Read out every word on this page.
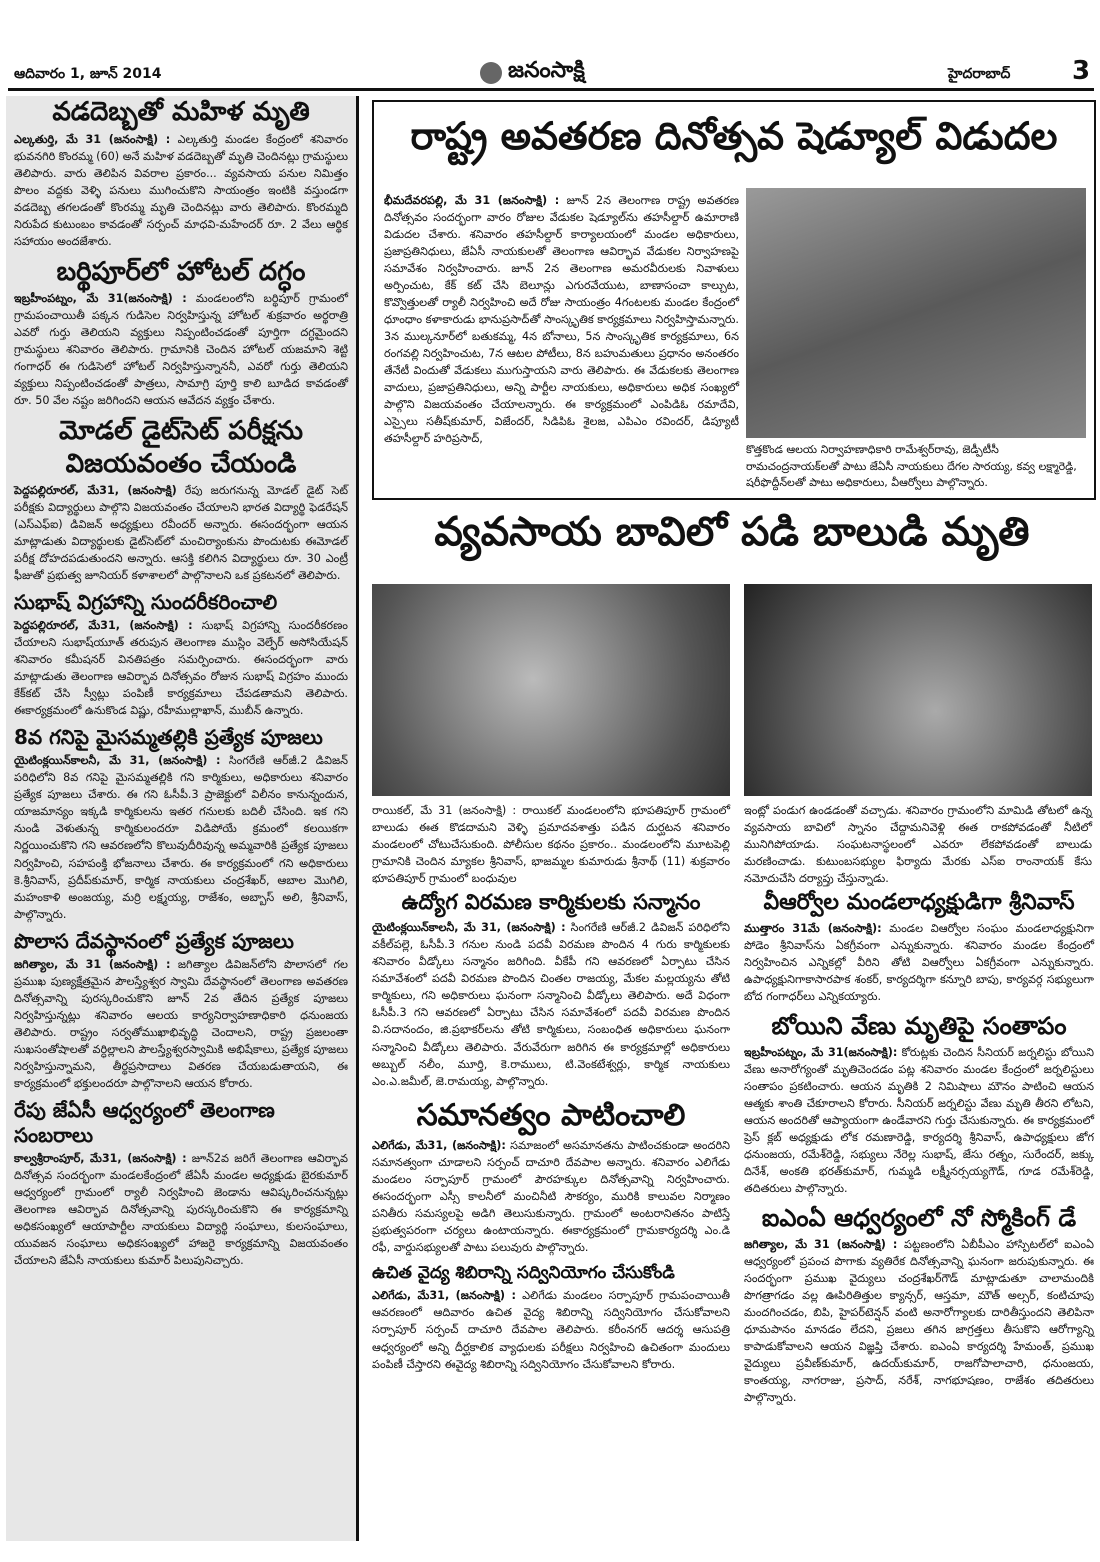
ఆదివారం 1, జూన్ 2014	జనంసాక్షి	హైదరాబాద్ 3
వడదెబ్బతో మహిళ మృతి

ఎల్కతుర్తి, మే 31 (జనంసాక్షి) : ఎల్కతుర్తి మండల కేంద్రంలో శనివారం భువనగిరి కొంరమ్మ (60) అనే మహిళ వడదెబ్బతో మృతి చెందినట్లు గ్రామస్థులు తెలిపారు. వారు తెలిపిన వివరాల ప్రకారం... వ్యవసాయ పనుల నిమిత్తం పొలం వద్దకు వెళ్ళి పనులు ముగించుకొని సాయంత్రం ఇంటికి వస్తుండగా వడదెబ్బ తగలడంతో కొంరమ్మ మృతి చెందినట్లు వారు తెలిపారు. కొంరమ్మది నిరుపేద కుటుంబం కావడంతో సర్పంచ్ మాధవి-మహేందర్ రూ. 2 వేలు ఆర్థిక సహాయం అందజేశారు.

బర్థిపూర్‌లో హోటల్ దగ్ధం

ఇబ్రహీంపట్నం, మే 31(జనంసాక్షి) : మండలంలోని బర్థిపూర్ గ్రామంలో గ్రామపంచాయితీ పక్కన గుడిసెల నిర్వహిస్తున్న హోటల్ శుక్రవారం అర్థరాత్రి ఎవరో గుర్తు తెలియని వ్యక్తులు నిప్పంటించడంతో పూర్తిగా దగ్ధమైందని గ్రామస్థులు శనివారం తెలిపారు. గ్రామానికి చెందిన హోటల్ యజమాని శెట్టి గంగాధర్ ఈ గుడిసెలో హోటల్ నిర్వహిస్తున్నాననీ, ఎవరో గుర్తు తెలియని వ్యక్తులు నిప్పంటించడంతో పాత్రలు, సామాగ్రి పూర్తి కాలి బూడిద కావడంతో రూ. 50 వేల నష్టం జరిగిందని ఆయన ఆవేదన వ్యక్తం చేశారు.

మోడల్ డైట్‌సెట్ పరీక్షను విజయవంతం చేయండి

పెద్దపల్లిరూరల్, మే31, (జనంసాక్షి) రేపు జరుగనున్న మోడల్ డైట్ సెట్ పరీక్షకు విద్యార్థులు పాల్గొని విజయవంతం చేయాలని భారత విద్యార్థి ఫెడరేషన్ (ఎస్ఎఫ్ఐ) డివిజన్ అధ్యక్షులు రవీందర్ అన్నారు. ఈసందర్భంగా ఆయన మాట్లాడుతు విద్యార్థులకు డైట్‌సెట్‌లో మంచిర్యాంకును పొందుటకు ఈమోడల్ పరీక్ష దోహదపడుతుందని అన్నారు. ఆసక్తి కలిగిన విద్యార్థులు రూ. 30 ఎంట్రీ ఫీజుతో ప్రభుత్వ జూనియర్ కళాశాలలో పాల్గొనాలని ఒక ప్రకటనలో తెలిపారు.

సుభాష్ విగ్రహాన్ని సుందరీకరించాలి

పెద్దపల్లిరూరల్, మే31, (జనంసాక్షి) : సుభాష్ విగ్రహాన్ని సుందరీకరణం చేయాలని సుభాష్‌యూత్ తరుపున తెలంగాణ ముస్లిం వెల్ఫేర్ అసోసియేషన్ శనివారం కమీషనర్ వినతిపత్రం సమర్పించారు. ఈసందర్భంగా వారు మాట్లాడుతు తెలంగాణ ఆవిర్భావ దినోత్సవం రోజున సుభాష్ విగ్రహం ముందు కేక్‌కట్ చేసి స్వీట్లు పంపిణీ కార్యక్రమాలు చేపడతామని తెలిపారు. ఈకార్యక్రమంలో ఉనుకొండ విష్ణు, రహీముల్లాఖాన్, ముబీన్ ఉన్నారు.

8వ గనిపై మైసమ్మతల్లికి ప్రత్యేక పూజలు

యైటింక్లయిన్‌కాలనీ, మే 31, (జనంసాక్షి) : సింగరేణి ఆర్‌జీ.2 డివిజన్ పరిధిలోని 8వ గనిపై మైసమ్మతల్లికి గని కార్మికులు, అధికారులు శనివారం ప్రత్యేక పూజలు చేశారు. ఈ గని ఓసీపీ.3 ప్రాజెక్టులో విలీనం కానున్నందున, యాజమాన్యం ఇక్కడి కార్మికులను ఇతర గనులకు బదిలీ చేసింది. ఇక గని నుండి వెళుతున్న కార్మికులందరూ విడిపోయే క్రమంలో కలయికగా నిర్ణయించుకొని గని ఆవరణలోని కొలువుదీరివున్న అమ్మవారికి ప్రత్యేక పూజలు నిర్వహించి, సహపంక్తి భోజనాలు చేశారు. ఈ కార్యక్రమంలో గని అధికారులు కె.శ్రీనివాస్, ప్రదీప్‌కుమార్, కార్మిక నాయకులు చంద్రశేఖర్, ఆబాల మొగిలి, మహంకాళి అంజయ్య, మర్రి లక్ష్మయ్య, రాజేశం, అబ్బాస్ అలి, శ్రీనివాస్, పాల్గొన్నారు.

పొలాస దేవస్థానంలో ప్రత్యేక పూజలు

జగిత్యాల, మే 31 (జనంసాక్షి) : జగిత్యాల డివిజన్‌లోని పొలాసలో గల ప్రముఖ పుణ్యక్షేత్రమైన పౌలస్త్యేశ్వర స్వామి దేవస్థానంలో తెలంగాణ అవతరణ దినోత్సవాన్ని పురస్కరించుకొని జూన్ 2వ తేదిన ప్రత్యేక పూజలు నిర్వహిస్తున్నట్లు శనివారం ఆలయ కార్యనిర్వాహణాధికారి ధనుంజయ తెలిపారు. రాష్ట్రం సర్వతోముఖాభివృద్ధి చెందాలని, రాష్ట్ర ప్రజలంతా సుఖసంతోషాలతో వర్ధిల్లాలని పౌలస్త్యేశ్వరస్వామికి అభిషేకాలు, ప్రత్యేక పూజలు నిర్వహిస్తున్నామని, తీర్థప్రసాదాలు వితరణ చేయబడుతాయని, ఈ కార్యక్రమంలో భక్తులందరూ పాల్గొనాలని ఆయన కోరారు.

రేపు జేఏసీ ఆధ్వర్యంలో తెలంగాణ సంబరాలు

కాల్వశ్రీరాంపూర్, మే31, (జనంసాక్షి) : జూన్2వ జరిగే తెలంగాణ ఆవిర్భావ దినోత్సవ సందర్భంగా మండలకేంద్రంలో జేఏసీ మండల అధ్యక్షుడు బైరకుమార్ ఆధ్వర్యంలో గ్రామంలో ర్యాలీ నిర్వహించి జెండాను ఆవిష్కరించనున్నట్లు తెలంగాణ ఆవిర్భావ దినోత్సవాన్ని పురస్కరించుకొని ఈ కార్యక్రమాన్ని అధికసంఖ్యలో ఆయాపార్టీల నాయకులు విద్యార్థి సంఘాలు, కులసంఘాలు, యువజన సంఘాలు అధికసంఖ్యలో హాజరై కార్యక్రమాన్ని విజయవంతం చేయాలని జేఏసీ నాయకులు కుమార్ పిలుపునిచ్చారు.

రాష్ట్ర అవతరణ దినోత్సవ షెడ్యూల్ విడుదల

భీమదేవరపల్లి, మే 31 (జనంసాక్షి) : జూన్ 2న తెలంగాణ రాష్ట్ర అవతరణ దినోత్సవం సందర్భంగా వారం రోజుల వేడుకల షెడ్యూల్‌ను తహసీల్దార్ ఉమారాణి విడుదల చేశారు. శనివారం తహసీల్దార్ కార్యాలయంలో మండల అధికారులు, ప్రజాప్రతినిధులు, జేఏసీ నాయకులతో తెలంగాణ ఆవిర్భావ వేడుకల నిర్వాహణపై సమావేశం నిర్వహించారు. జూన్ 2న తెలంగాణ అమరవీరులకు నివాళులు అర్పించుట, కేక్ కట్ చేసి బెలూన్లు ఎగురవేయుట, బాణాసంచా కాల్చుట, కొవ్వొత్తులతో ర్యాలీ నిర్వహించి అదే రోజు సాయంత్రం 4గంటలకు మండల కేంద్రంలో ధూంధాం కళాకారుడు భానుప్రసాద్‌తో సాంస్కృతిక కార్యక్రమాలు నిర్వహిస్తామన్నారు. 3న ముల్కనూర్‌లో బతుకమ్మ, 4న బోనాలు, 5న సాంస్కృతిక కార్యక్రమాలు, 6న రంగవల్లి నిర్వహించుట, 7న ఆటల పోటీలు, 8న బహుమతులు ప్రధానం అనంతరం తేనేటీ విందుతో వేడుకలు ముగుస్తాయని వారు తెలిపారు. ఈ వేడుకలకు తెలంగాణ వాదులు, ప్రజాప్రతినిధులు, అన్ని పార్టీల నాయకులు, అధికారులు అధిక సంఖ్యలో పాల్గొని విజయవంతం చేయాలన్నారు. ఈ కార్యక్రమంలో ఎంపిడిఓ రమాదేవి, ఎస్సైలు సతీష్‌కుమార్, విజేందర్, సిడిపిఓ శైలజ, ఎపిఎం రవిందర్, డిప్యూటీ తహసీల్దార్ హరిప్రసాద్,

కొత్తకొండ ఆలయ నిర్వాహణాధికారి రామేశ్వర్‌రావు, జెడ్పీటీసీ రామచంద్రనాయక్‌లతో పాటు జేఏసీ నాయకులు దేగల సారయ్య, కవ్వ లక్ష్మారెడ్డి, షరీఫొద్దీన్‌లతో పాటు అధికారులు, వీఆర్వోలు పాల్గొన్నారు.
వ్యవసాయ బావిలో పడి బాలుడి మృతి

రాయికల్, మే 31 (జనంసాక్షి) : రాయికల్ మండలంలోని భూపతిపూర్ గ్రామంలో బాలుడు ఈత కొడదామని వెళ్ళి ప్రమాదవశాత్తు పడిన దుర్ఘటన శనివారం మండలంలో చోటుచేసుకుంది. పోలీసుల కథనం ప్రకారం.. మండలంలోని మూటపెల్లి గ్రామానికి చెందిన మ్యాకల శ్రీనివాస్, భాజమ్మల కుమారుడు శ్రీనాథ్ (11) శుక్రవారం భూపతిపూర్ గ్రామంలో బంధువుల

ఇంట్లో పండుగ ఉండడంతో వచ్చాడు. శనివారం గ్రామంలోని మామిడి తోటలో ఉన్న వ్యవసాయ బావిలో స్నానం చేద్దామనివెళ్లి ఈత రాకపోవడంతో నీటిలో మునిగిపోయాడు. సంఘటనాస్థలంలో ఎవరూ లేకపోవడంతో బాలుడు మరణించాడు. కుటుంబసభ్యుల ఫిర్యాదు మేరకు ఎస్ఐ రాంనాయక్ కేసు నమోదుచేసి దర్యాప్తు చేస్తున్నాడు.

ఉద్యోగ విరమణ కార్మికులకు సన్మానం

యైటింక్లయిన్‌కాలనీ, మే 31, (జనంసాక్షి) : సింగరేణి ఆర్‌జీ.2 డివిజన్ పరిధిలోని వకీల్‌పల్లె, ఓసీపీ.3 గనుల నుండి పదవీ విరమణ పొందిన 4 గురు కార్మికులకు శనివారం వీడ్కోలు సన్మానం జరిగింది. వీకేపీ గని ఆవరణలో ఏర్పాటు చేసిన సమావేశంలో పదవీ విరమణ పొందిన చింతల రాజయ్య, మేకల మల్లయ్యను తోటి కార్మికులు, గని అధికారులు ఘనంగా సన్మానించి వీడ్కోలు తెలిపారు. అదే విధంగా ఓసీపీ.3 గని ఆవరణలో ఏర్పాటు చేసిన సమావేశంలో పదవీ విరమణ పొందిన వి.సదానందం, జి.ప్రభాకర్‌లను తోటి కార్మికులు, సంబంధిత అధికారులు ఘనంగా సన్మానించి వీడ్కోలు తెలిపారు. వేరువేరుగా జరిగిన ఈ కార్యక్రమాల్లో అధికారులు అబ్బుల్ నలీం, మూర్తి, కె.రాములు, టి.వెంకటేశ్వర్లు, కార్మిక నాయకులు ఎం.ఎ.జమీల్, జె.రామయ్య, పాల్గొన్నారు.

సమానత్వం పాటించాలి

ఎలిగేడు, మే31, (జనంసాక్షి): సమాజంలో అసమానతను పాటించకుండా అందరిని సమానత్వంగా చూడాలని సర్పంచ్ దాచూరి దేవపాల అన్నారు. శనివారం ఎలిగేడు మండలం సర్పాపూర్ గ్రామంలో పౌరహక్కుల దినోత్సవాన్ని నిర్వహించారు. ఈసందర్భంగా ఎస్సీ కాలనీలో మంచినీటి సౌకర్యం, మురికి కాలువల నిర్మాణం పనితీరు సమస్యలపై అడిగి తెలుసుకున్నారు. గ్రామంలో అంటరానితనం పాటిస్తే ప్రభుత్వపరంగా చర్యలు ఉంటాయన్నారు. ఈకార్యక్రమంలో గ్రామకార్యదర్శి ఎం.డి రఫీ, వార్డుసభ్యులతో పాటు పలువురు పాల్గొన్నారు.

ఉచిత వైద్య శిబిరాన్ని సద్వినియోగం చేసుకోండి

ఎలిగేడు, మే31, (జనంసాక్షి) : ఎలిగేడు మండలం సర్పాపూర్ గ్రామపంచాయితీ ఆవరణంలో ఆదివారం ఉచిత వైద్య శిబిరాన్ని సద్వినియోగం చేసుకోవాలని సర్పాపూర్ సర్పంచ్ దాచూరి దేవపాల తెలిపారు. కరీంనగర్ ఆదర్శ ఆసుపత్రి ఆధ్వర్యంలో అన్ని దీర్ఘకాలిక వ్యాధులకు పరీక్షలు నిర్వహించి ఉచితంగా మందులు పంపిణీ చేస్తారని ఈవైద్య శిబిరాన్ని సద్వినియోగం చేసుకోవాలని కోరారు.

వీఆర్వోల మండలాధ్యక్షుడిగా శ్రీనివాస్

ముత్తారం 31మే (జనంసాక్షి): మండల విఆర్వోల సంఘం మండలాధ్యక్షునిగా పోడెం శ్రీనివాస్‌ను ఏకగ్రీవంగా ఎన్నుకున్నారు. శనివారం మండల కేంద్రంలో నిర్వహించిన ఎన్నికల్లో వీరిని తోటి విఆర్వోలు ఏకగ్రీవంగా ఎన్నుకున్నారు. ఉపాధ్యక్షునిగాకాసారపాక శంకర్, కార్యదర్శిగా కన్నూరి బాపు, కార్యవర్గ సభ్యులుగా బోద గంగాధర్‌లు ఎన్నికయ్యారు.

బోయిని వేణు మృతిపై సంతాపం

ఇబ్రహీంపట్నం, మే 31(జనంసాక్షి): కోరుట్లకు చెందిన సీనియర్ జర్నలిస్టు బోయిని వేణు అనారోగ్యంతో మృతిచెందడం పట్ల శనివారం మండల కేంద్రంలో జర్నలిస్టులు సంతాపం ప్రకటించారు. ఆయన మృతికి 2 నిమిషాలు మౌనం పాటించి ఆయన ఆత్మకు శాంతి చేకూరాలని కోరారు. సీనియర్ జర్నలిస్టు వేణు మృతి తీరని లోటని, ఆయన అందరితో ఆప్యాయంగా ఉండేవారని గుర్తు చేసుకున్నారు. ఈ కార్యక్రమంలో ప్రెస్ క్లబ్ అధ్యక్షుడు లోక రమణారెడ్డి, కార్యదర్శి శ్రీనివాస్, ఉపాధ్యక్షులు జోగ ధనుంజయ, రమేశ్‌రెడ్డి, సభ్యులు నేరెల్ల సుభాష్, జేసు రత్నం, సురేందర్, జక్కు దినేశ్, అంకతి భరత్‌కుమార్, గుమ్మడి లక్ష్మీనర్సయ్యగౌడ్, గూడ రమేశ్‌రెడ్డి, తదితరులు పాల్గొన్నారు.

ఐఎంఏ ఆధ్వర్యంలో నో స్మోకింగ్ డే

జగిత్యాల, మే 31 (జనంసాక్షి) : పట్టణంలోని ఏబీపీఎం హాస్పిటల్‌లో ఐఎంఏ ఆధ్వర్యంలో ప్రపంచ పొగాకు వ్యతిరేక దినోత్సవాన్ని ఘనంగా జరుపుకున్నారు. ఈ సందర్భంగా ప్రముఖ వైద్యులు చంద్రశేఖర్‌గౌడ్ మాట్లాడుతూ చాలామందికి పొగత్రాగడం వల్ల ఊపిరితిత్తుల క్యాన్సర్, ఆస్తమా, మౌత్ అల్సర్, కంటిచూపు మందగించడం, బిపి, హైపర్‌టెన్షన్ వంటి అనారోగ్యాలకు దారితీస్తుందని తెలిపినా ధూమపానం మానడం లేదని, ప్రజలు తగిన జాగ్రత్తలు తీసుకొని ఆరోగ్యాన్ని కాపాడుకోవాలని ఆయన విజ్ఞప్తి చేశారు. ఐఎంఏ కార్యదర్శి హేమంత్, ప్రముఖ వైద్యులు ప్రవీణ్‌కుమార్, ఉదయ్‌కుమార్, రాజగోపాలాచారి, ధనుంజయ, కాంతయ్య, నాగరాజు, ప్రసాద్, నరేశ్, నాగభూషణం, రాజేశం తదితరులు పాల్గొన్నారు.
